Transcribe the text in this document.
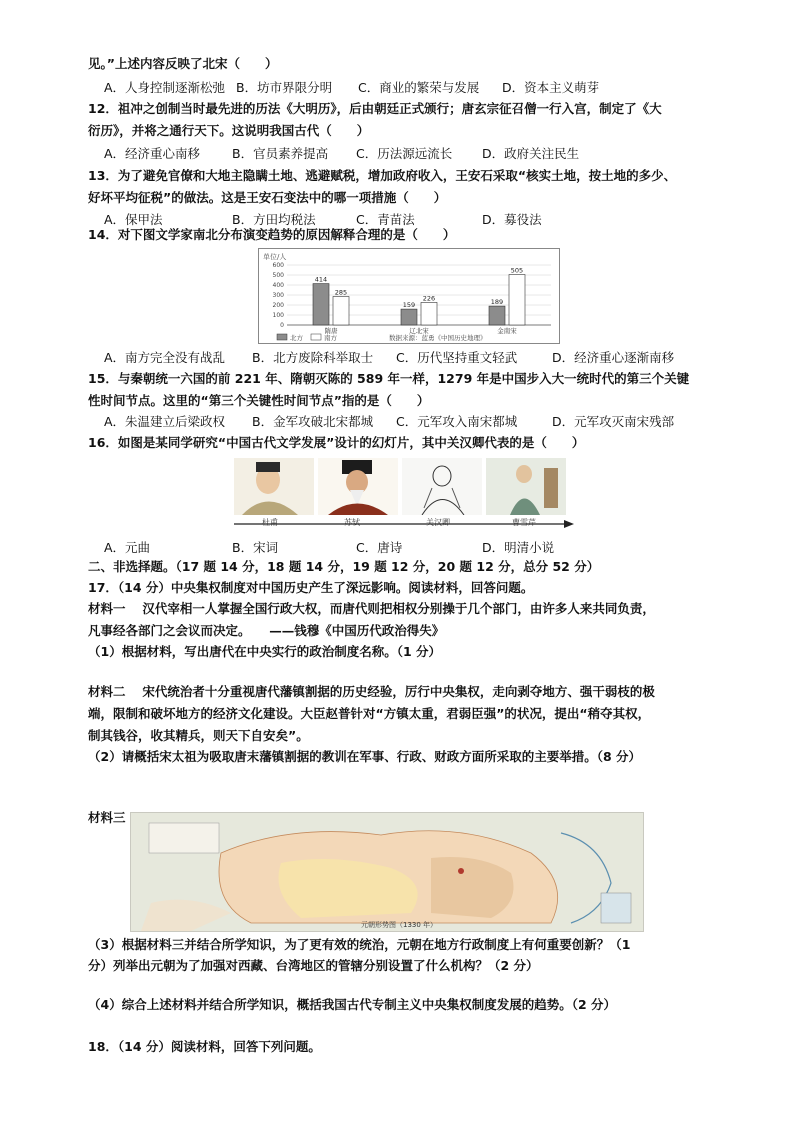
见。”上述内容反映了北宋（　　）
A．人身控制逐渐松弛 B．坊市界限分明 C．商业的繁荣与发展 D．资本主义萌芽
12．祖冲之创制当时最先进的历法《大明历》，后由朝廷正式颁行；唐玄宗征召僧一行入宫，制定了《大
衍历》，并将之通行天下。这说明我国古代（　　）
A．经济重心南移	B．官员素养提高 C．历法源远流长 D．政府关注民生
13．为了避免官僚和大地主隐瞒土地、逃避赋税，增加政府收入，王安石采取“核实土地，按土地的多少、
好坏平均征税”的做法。这是王安石变法中的哪一项措施（　　）
A．保甲法	B．方田均税法	C．青苗法	D．募役法
14．对下图文学家南北分布演变趋势的原因解释合理的是（　　）
单位/人
0
100
200
300
400
500
600
隋唐	辽北宋	金南宋
414
285
159
226	189
505
北方	南方	数据来源：蓝勇《中国历史地理》
A．南方完全没有战乱 B．北方废除科举取士 C．历代坚持重文轻武	D．经济重心逐渐南移
15．与秦朝统一六国的前 221 年、隋朝灭陈的 589 年一样，1279 年是中国步入大一统时代的第三个关键
性时间节点。这里的“第三个关键性时间节点”指的是（　　）
A．朱温建立后梁政权 B．金军攻破北宋都城 C．元军攻入南宋都城	D．元军攻灭南宋残部
16．如图是某同学研究“中国古代文学发展”设计的幻灯片，其中关汉卿代表的是（　　）
杜甫	苏轼	关汉卿	曹雪芹
A．元曲	B．宋词	C．唐诗	D．明清小说
二、非选择题。（17 题 14 分，18 题 14 分，19 题 12 分，20 题 12 分，总分 52 分）
17．（14 分）中央集权制度对中国历史产生了深远影响。阅读材料，回答问题。
材料一　 汉代宰相一人掌握全国行政大权，而唐代则把相权分别操于几个部门，由许多人来共同负责，
凡事经各部门之会议而决定。　　——钱穆《中国历代政治得失》
（1）根据材料，写出唐代在中央实行的政治制度名称。（1 分）
材料二　 宋代统治者十分重视唐代藩镇割据的历史经验，厉行中央集权，走向剥夺地方、强干弱枝的极
端，限制和破坏地方的经济文化建设。大臣赵普针对“方镇太重，君弱臣强”的状况，提出“稍夺其权，
制其钱谷，收其精兵，则天下自安矣”。
（2）请概括宋太祖为吸取唐末藩镇割据的教训在军事、行政、财政方面所采取的主要举措。（8 分）
材料三
元朝形势图（1330 年）
（3）根据材料三并结合所学知识，为了更有效的统治，元朝在地方行政制度上有何重要创新？（1
分）列举出元朝为了加强对西藏、台湾地区的管辖分别设置了什么机构？（2 分）
（4）综合上述材料并结合所学知识，概括我国古代专制主义中央集权制度发展的趋势。（2 分）
18．（14 分）阅读材料，回答下列问题。
